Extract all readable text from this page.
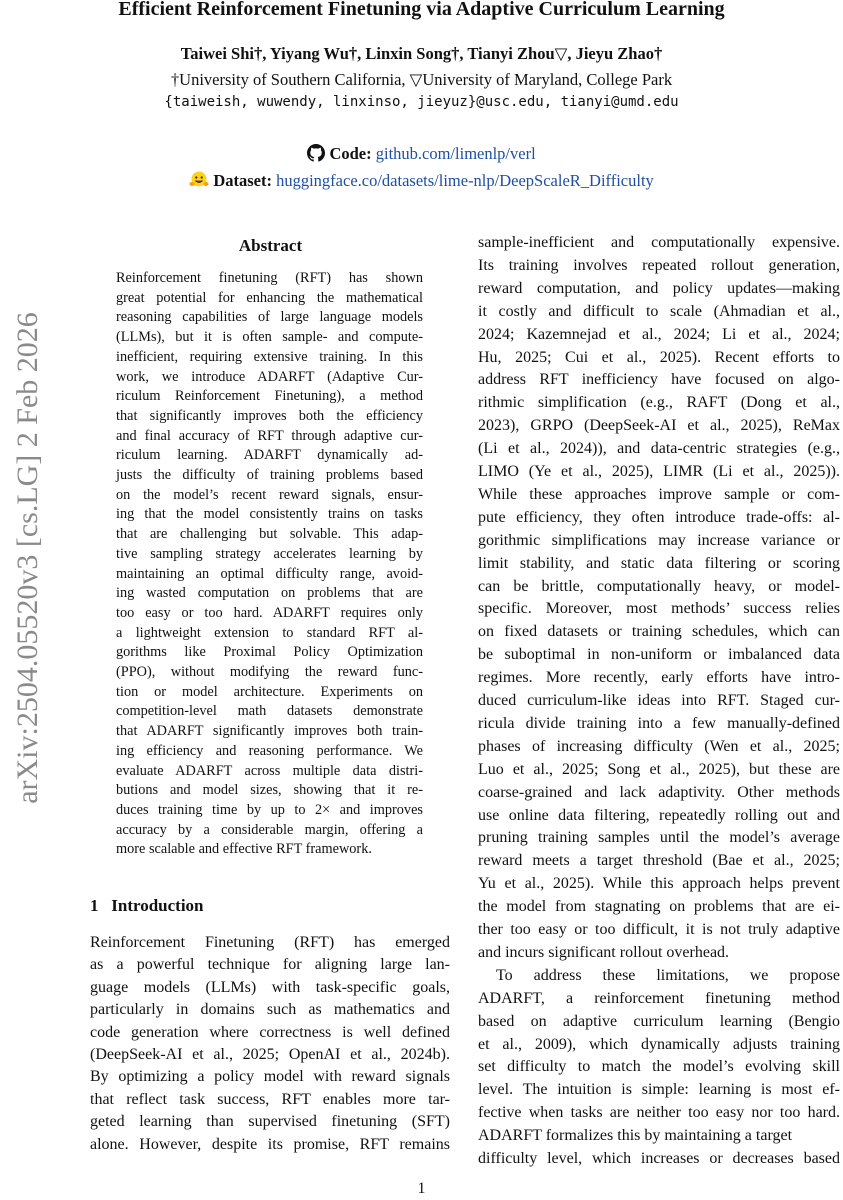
Efficient Reinforcement Finetuning via Adaptive Curriculum Learning
Taiwei Shi†, Yiyang Wu†, Linxin Song†, Tianyi Zhou▽, Jieyu Zhao†
†University of Southern California, ▽University of Maryland, College Park
{taiweish, wuwendy, linxinso, jieyuz}@usc.edu, tianyi@umd.edu
Code: github.com/limenlp/verl
Dataset: huggingface.co/datasets/lime-nlp/DeepScaleR_Difficulty
arXiv:2504.05520v3 [cs.LG] 2 Feb 2026
Abstract
Reinforcement finetuning (RFT) has shown
great potential for enhancing the mathematical
reasoning capabilities of large language models
(LLMs), but it is often sample- and compute-
inefficient, requiring extensive training. In this
work, we introduce ADARFT (Adaptive Cur-
riculum Reinforcement Finetuning), a method
that significantly improves both the efficiency
and final accuracy of RFT through adaptive cur-
riculum learning. ADARFT dynamically ad-
justs the difficulty of training problems based
on the model’s recent reward signals, ensur-
ing that the model consistently trains on tasks
that are challenging but solvable. This adap-
tive sampling strategy accelerates learning by
maintaining an optimal difficulty range, avoid-
ing wasted computation on problems that are
too easy or too hard. ADARFT requires only
a lightweight extension to standard RFT al-
gorithms like Proximal Policy Optimization
(PPO), without modifying the reward func-
tion or model architecture. Experiments on
competition-level math datasets demonstrate
that ADARFT significantly improves both train-
ing efficiency and reasoning performance. We
evaluate ADARFT across multiple data distri-
butions and model sizes, showing that it re-
duces training time by up to 2× and improves
accuracy by a considerable margin, offering a
more scalable and effective RFT framework.
1 Introduction
Reinforcement Finetuning (RFT) has emerged
as a powerful technique for aligning large lan-
guage models (LLMs) with task-specific goals,
particularly in domains such as mathematics and
code generation where correctness is well defined
(DeepSeek-AI et al., 2025; OpenAI et al., 2024b).
By optimizing a policy model with reward signals
that reflect task success, RFT enables more tar-
geted learning than supervised finetuning (SFT)
alone. However, despite its promise, RFT remains
sample-inefficient and computationally expensive.
Its training involves repeated rollout generation,
reward computation, and policy updates—making
it costly and difficult to scale (Ahmadian et al.,
2024; Kazemnejad et al., 2024; Li et al., 2024;
Hu, 2025; Cui et al., 2025). Recent efforts to
address RFT inefficiency have focused on algo-
rithmic simplification (e.g., RAFT (Dong et al.,
2023), GRPO (DeepSeek-AI et al., 2025), ReMax
(Li et al., 2024)), and data-centric strategies (e.g.,
LIMO (Ye et al., 2025), LIMR (Li et al., 2025)).
While these approaches improve sample or com-
pute efficiency, they often introduce trade-offs: al-
gorithmic simplifications may increase variance or
limit stability, and static data filtering or scoring
can be brittle, computationally heavy, or model-
specific. Moreover, most methods’ success relies
on fixed datasets or training schedules, which can
be suboptimal in non-uniform or imbalanced data
regimes. More recently, early efforts have intro-
duced curriculum-like ideas into RFT. Staged cur-
ricula divide training into a few manually-defined
phases of increasing difficulty (Wen et al., 2025;
Luo et al., 2025; Song et al., 2025), but these are
coarse-grained and lack adaptivity. Other methods
use online data filtering, repeatedly rolling out and
pruning training samples until the model’s average
reward meets a target threshold (Bae et al., 2025;
Yu et al., 2025). While this approach helps prevent
the model from stagnating on problems that are ei-
ther too easy or too difficult, it is not truly adaptive
and incurs significant rollout overhead.
To address these limitations, we propose
ADARFT, a reinforcement finetuning method
based on adaptive curriculum learning (Bengio
et al., 2009), which dynamically adjusts training
set difficulty to match the model’s evolving skill
level. The intuition is simple: learning is most ef-
fective when tasks are neither too easy nor too hard.
ADARFT formalizes this by maintaining a target
difficulty level, which increases or decreases based
1
